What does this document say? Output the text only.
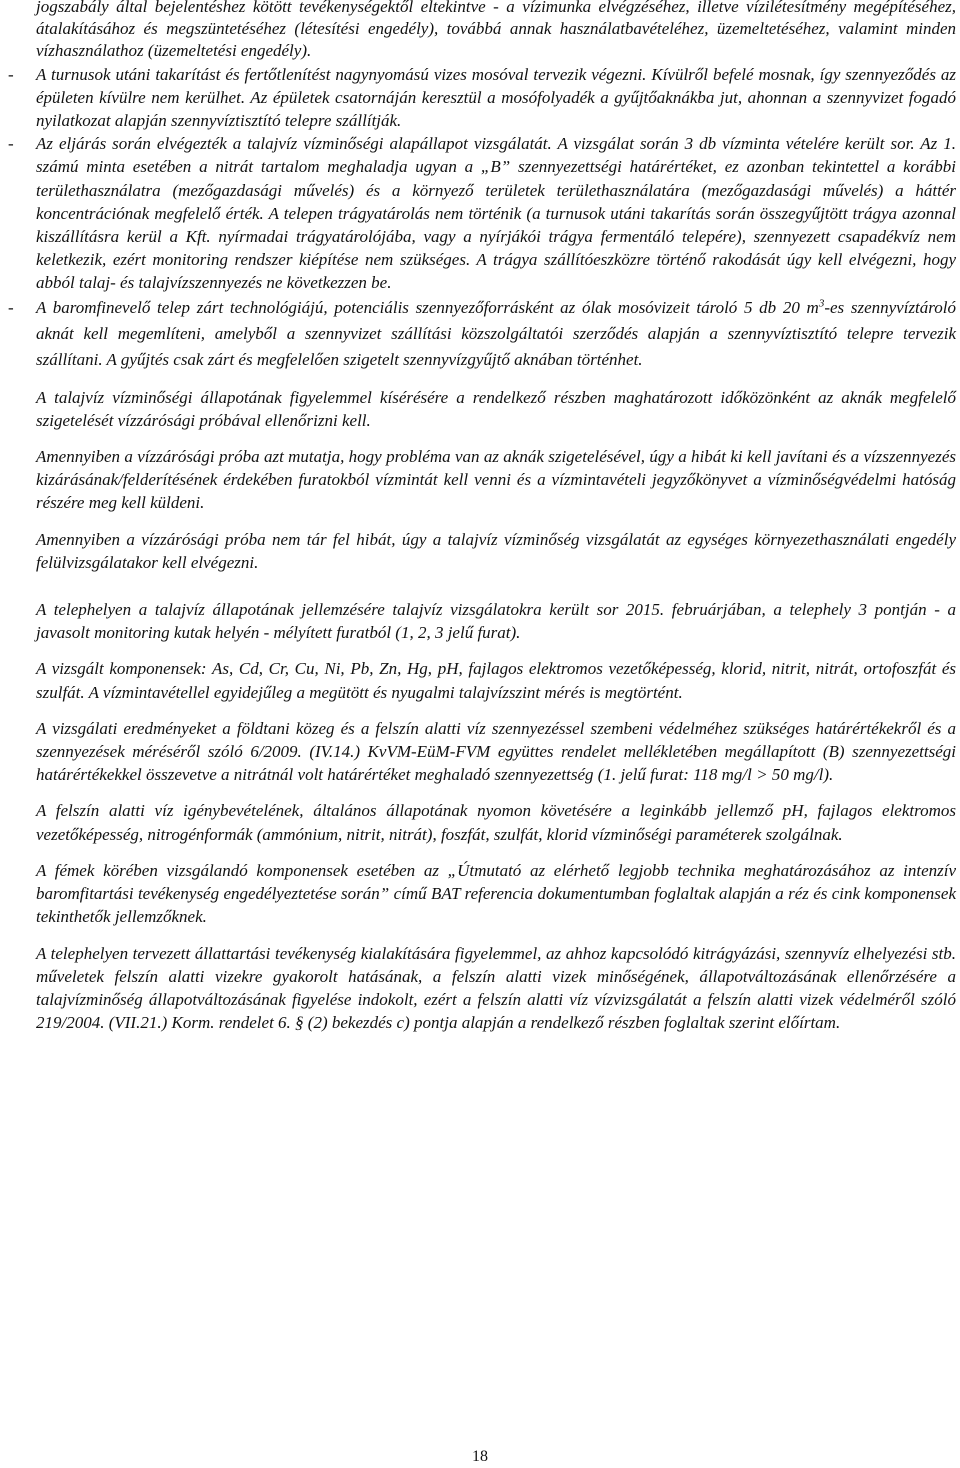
jogszabály által bejelentéshez kötött tevékenységektől eltekintve - a vízimunka elvégzéséhez, illetve vízilétesítmény megépítéséhez, átalakításához és megszüntetéséhez (létesítési engedély), továbbá annak használatbavételéhez, üzemeltetéséhez, valamint minden vízhasználathoz (üzemeltetési engedély).

- A turnusok utáni takarítást és fertőtlenítést nagynyomású vizes mosóval tervezik végezni. Kívülről befelé mosnak, így szennyeződés az épületen kívülre nem kerülhet. Az épületek csatornáján keresztül a mosófolyadék a gyűjtőaknákba jut, ahonnan a szennyvizet fogadó nyilatkozat alapján szennyvíztisztító telepre szállítják.

- Az eljárás során elvégezték a talajvíz vízminőségi alapállapot vizsgálatát. A vizsgálat során 3 db vízminta vételére került sor. Az 1. számú minta esetében a nitrát tartalom meghaladja ugyan a „B” szennyezettségi határértéket, ez azonban tekintettel a korábbi területhasználatra (mezőgazdasági művelés) és a környező területek területhasználatára (mezőgazdasági művelés) a háttér koncentrációnak megfelelő érték. A telepen trágyatárolás nem történik (a turnusok utáni takarítás során összegyűjtött trágya azonnal kiszállításra kerül a Kft. nyírmadai trágyatárolójába, vagy a nyírjákói trágya fermentáló telepére), szennyezett csapadékvíz nem keletkezik, ezért monitoring rendszer kiépítése nem szükséges. A trágya szállítóeszközre történő rakodását úgy kell elvégezni, hogy abból talaj- és talajvízszennyezés ne következzen be.

- A baromfinevelő telep zárt technológiájú, potenciális szennyezőforrásként az ólak mosóvizeit tároló 5 db 20 $m^3-es$ szennyvíztároló aknát kell megemlíteni, amelyből a szennyvizet szállítási közszolgáltatói szerződés alapján a szennyvíztisztító telepre tervezik szállítani. A gyűjtés csak zárt és megfelelően szigetelt szennyvízgyűjtő aknában történhet.

A talajvíz vízminőségi állapotának figyelemmel kísérésére a rendelkező részben maghatározott időközönként az aknák megfelelő szigetelését vízzárósági próbával ellenőrizni kell.

Amennyiben a vízzárósági próba azt mutatja, hogy probléma van az aknák szigetelésével, úgy a hibát ki kell javítani és a vízszennyezés kizárásának/felderítésének érdekében furatokból vízmintát kell venni és a vízmintavételi jegyzőkönyvet a vízminőségvédelmi hatóság részére meg kell küldeni.

Amennyiben a vízzárósági próba nem tár fel hibát, úgy a talajvíz vízminőség vizsgálatát az egységes környezethasználati engedély felülvizsgálatakor kell elvégezni.

A telephelyen a talajvíz állapotának jellemzésére talajvíz vizsgálatokra került sor 2015. februárjában, a telephely 3 pontján - a javasolt monitoring kutak helyén - mélyített furatból (1, 2, 3 jelű furat).

A vizsgált komponensek: As, Cd, Cr, Cu, Ni, Pb, Zn, Hg, pH, fajlagos elektromos vezetőképesség, klorid, nitrit, nitrát, ortofoszfát és szulfát. A vízmintavétellel egyidejűleg a megütött és nyugalmi talajvízszint mérés is megtörtént.

A vizsgálati eredményeket a földtani közeg és a felszín alatti víz szennyezéssel szembeni védelméhez szükséges határértékekről és a szennyezések méréséről szóló 6/2009. (IV.14.) KvVM-EüM-FVM együttes rendelet mellékletében megállapított (B) szennyezettségi határértékekkel összevetve a nitrátnál volt határértéket meghaladó szennyezettség (1. jelű furat: 118 mg/l > 50 mg/l).

A felszín alatti víz igénybevételének, általános állapotának nyomon követésére a leginkább jellemző pH, fajlagos elektromos vezetőképesség, nitrogénformák (ammónium, nitrit, nitrát), foszfát, szulfát, klorid vízminőségi paraméterek szolgálnak.

A fémek körében vizsgálandó komponensek esetében az „Útmutató az elérhető legjobb technika meghatározásához az intenzív baromfitartási tevékenység engedélyeztetése során” című BAT referencia dokumentumban foglaltak alapján a réz és cink komponensek tekinthetők jellemzőknek.

A telephelyen tervezett állattartási tevékenység kialakítására figyelemmel, az ahhoz kapcsolódó kitrágyázási, szennyvíz elhelyezési stb. műveletek felszín alatti vizekre gyakorolt hatásának, a felszín alatti vizek minőségének, állapotváltozásának ellenőrzésére a talajvízminőség állapotváltozásának figyelése indokolt, ezért a felszín alatti víz vízvizsgálatát a felszín alatti vizek védelméről szóló 219/2004. (VII.21.) Korm. rendelet 6. § (2) bekezdés c) pontja alapján a rendelkező részben foglaltak szerint előírtam.

18
